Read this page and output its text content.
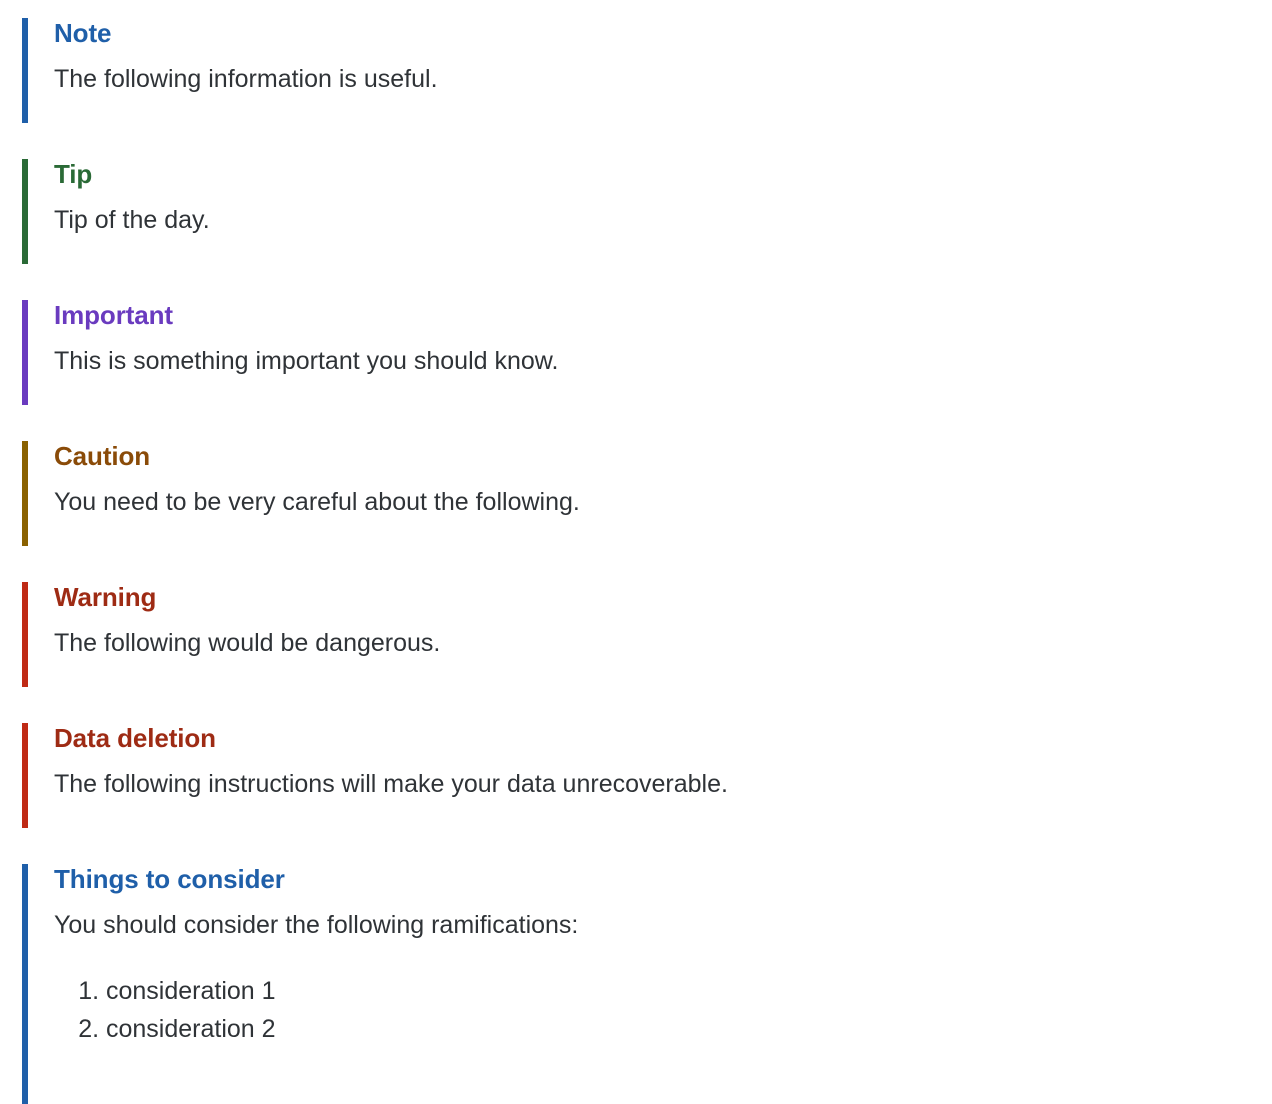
Note

The following information is useful.

Tip

Tip of the day.

Important

This is something important you should know.

Caution

You need to be very careful about the following.

Warning

The following would be dangerous.

Data deletion

The following instructions will make your data unrecoverable.

Things to consider

You should consider the following ramifications:

1. consideration 1
2. consideration 2
